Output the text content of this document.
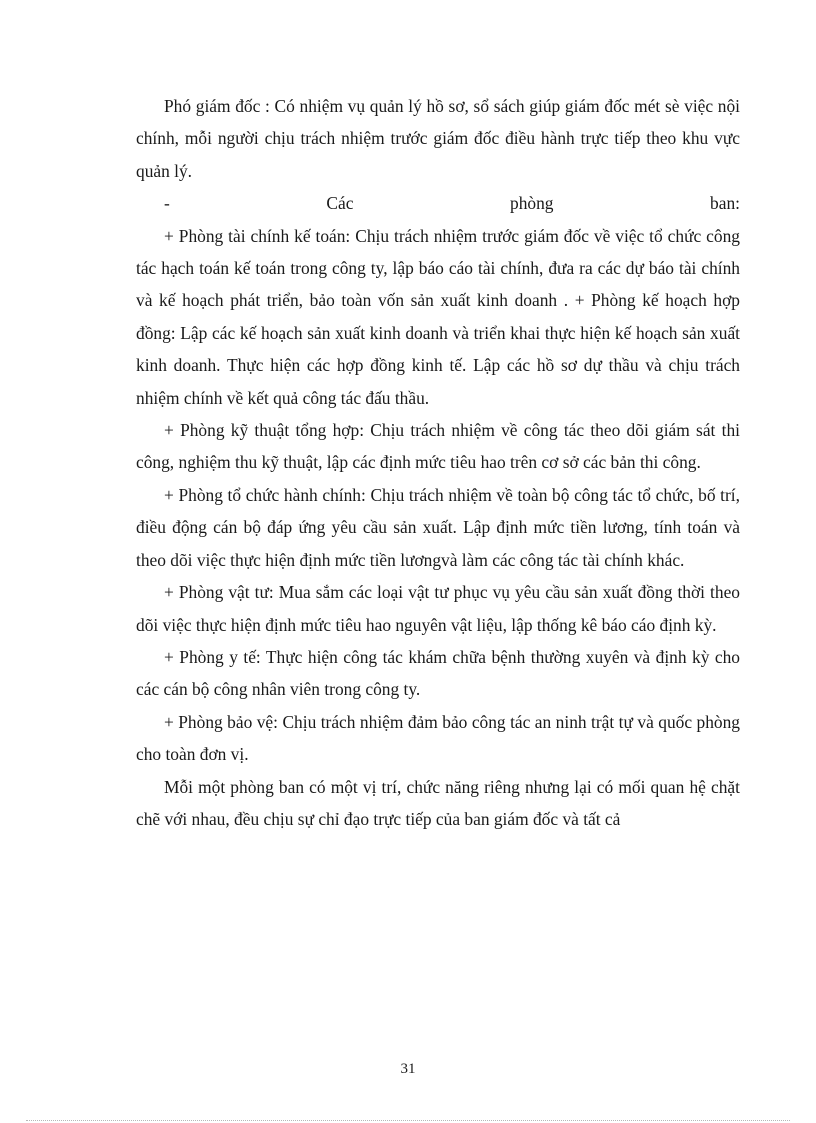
Phó giám đốc : Có nhiệm vụ quản lý hồ sơ, sổ sách giúp giám đốc mét sè việc nội chính, mỗi người chịu trách nhiệm trước giám đốc điều hành trực tiếp theo khu vực quản lý.

- Các phòng ban:

+ Phòng tài chính kế toán: Chịu trách nhiệm trước giám đốc về việc tổ chức công tác hạch toán kế toán trong công ty, lập báo cáo tài chính, đưa ra các dự báo tài chính và kế hoạch phát triển, bảo toàn vốn sản xuất kinh doanh . + Phòng kế hoạch hợp đồng: Lập các kế hoạch sản xuất kinh doanh và triển khai thực hiện kế hoạch sản xuất kinh doanh. Thực hiện các hợp đồng kinh tế. Lập các hồ sơ dự thầu và chịu trách nhiệm chính về kết quả công tác đấu thầu.

+ Phòng kỹ thuật tổng hợp: Chịu trách nhiệm về công tác theo dõi giám sát thi công, nghiệm thu kỹ thuật, lập các định mức tiêu hao trên cơ sở các bản thi công.

+ Phòng tổ chức hành chính: Chịu trách nhiệm về toàn bộ công tác tổ chức, bố trí, điều động cán bộ đáp ứng yêu cầu sản xuất. Lập định mức tiền lương, tính toán và theo dõi việc thực hiện định mức tiền lươngvà làm các công tác tài chính khác.

+ Phòng vật tư: Mua sắm các loại vật tư phục vụ yêu cầu sản xuất đồng thời theo dõi việc thực hiện định mức tiêu hao nguyên vật liệu, lập thống kê báo cáo định kỳ.

+ Phòng y tế: Thực hiện công tác khám chữa bệnh thường xuyên và định kỳ cho các cán bộ công nhân viên trong công ty.

+ Phòng bảo vệ: Chịu trách nhiệm đảm bảo công tác an ninh trật tự và quốc phòng cho toàn đơn vị.

Mỗi một phòng ban có một vị trí, chức năng riêng nhưng lại có mối quan hệ chặt chẽ với nhau, đều chịu sự chỉ đạo trực tiếp của ban giám đốc và tất cả

31
